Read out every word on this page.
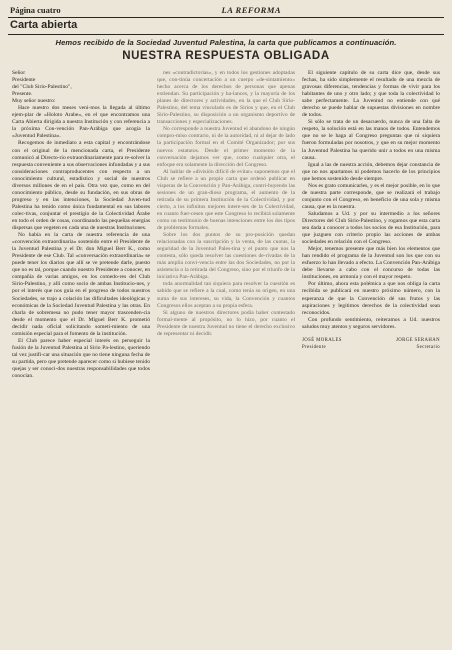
Página cuatro	LA REFORMA
Carta abierta
Hemos recibido de la Sociedad Juventud Palestina, la carta que publicamos a continuación.
NUESTRA RESPUESTA OBLIGADA

Señor

Presidente

del "Club Sirio-Palestino",

Presente.

Muy señor nuestro:

Hace nuestro dos meses veni-mos la llegada al último ejem-plar de «Holoto Arabe», en el que encontramos una Carta Abierta dirigida a nuestra Institución y con referencia a la próxima Con-vención Pan-Arábiga que acogía la «Juventud Palestina».

Recogemos de inmediato a esta capital y encontrándose con el original de la mencionada carta, el Presidente comunicó al Directo-rio extraordinariamente para re-solver la respuesta conveniente a sus observaciones infundadas y a sus consideraciones contraproducentes con respecto a un conocimiento cultural, estadístico y social de nuestros diversos millones de en el país. Otra vez que, como en del conocimiento público, desde su fundación, en sus obras de progreso y en las intenciones, la Sociedad Juven-tud Palestina ha tenido como única fundamental en sus labores colec-tivas, conjuntar el prestigio de la Colectividad Árabe en todo el orden de cosas, coordinando las pequeñas energías dispersas que vegeten en cada una de nuestras Instituciones.

No había en la carta de nuestra referencia de una «convención extraordinaria» sostenido entre el Presidente de la Juventud Palestina y el Dr. don Miguel Berr K., como Presidente de ese Club. Tal «conversación extraordinaria» se puede tener los diarios que allí se ve pretende darle, puesto que no es tal, porque cuando nuestro Presidente a conocer, en compañía de varias amigos, en los comedo-res del Club Sirio-Palestino, y allí como socio de ambas Institucio-nes, y por el interés que nos guía en el progreso de todos nuestros Sociedades, se trajo a colación las dificultades ideológicas y económicas de la Sociedad Juventud Palestina y las otras. En charla de sobremesa no pudo tener mayor trascenden-cia desde el momento que el Dr. Miguel Berr K. prometió decidir nada oficial solicitando someti-miento de una comisión especial para el fomento de la institución.

El Club parece haber especial interés en perseguir la fusión de la Juventud Palestina al Sirio Pa-lestino, queriendo tal vez justifi-car una situación que no tiene ninguna fecha de su partida, pero que pretende aparecer como si hubiese tenido quejas y ser conoci-dos nuestras responsabilidades que todos conocían.

nes «contradictorias», y en todos los gestiones adoptadas que, con-tinúa concertación a un cuerpo «de-sintamiento» hecho acerca de los derechos de personas que apenas extiendan. Su participación y ba-lances, y la mayoría de los planes de directores y actividades, en la que el Club Sirio-Palestino, del tema vinculado es de Sirios y que, en el Club Sirio-Palestino, su disposición a un organismo deportivo de transacciones y especializaciones.

No corresponde a nuestra Juventud el abandono de ningún compro-miso contrario, ni de la autoridad, ni al dejar de lado la participación formal en el Comité Organizador; por sus nuevos estatutos. Desde el primer momento de la conversación dejamos ver que, como cualquier otra, el enfoque era solamente la dirección del Congreso.

Al hablar de «división difícil de evitar» suponemos que el Club se refiere a un propio carta que ordenó publicar en vísperas de la Convención y Pan-Arábiga, contri-buyendo las sesiones de un gran-dioso programa, el aumento de la retirada de su primera Institución de la Colectividad, y por cierto, a los infinitos mejores intere-ses de la Colectividad, en cuanto fuer-cesen que este Congreso lo recibirá solamente como un testimonio de buenas intenciones entre los dos tipos de problemas formales.

Sobre los dos puntos de su pro-posición quedan relacionadas con la suscripción y la venta, de las cuotas, la seguridad de la Juventud Pales-tina y el punto que nos la contesta, sólo queda resolver las cuestiones de-rivadas de la más amplia convi-vencia entre las dos Sociedades, no por la asistencia o la retirada del Congreso, sino por el triunfo de la iniciativa Pan-Arábiga.

toda anormalidad tan siquiera para resolver la cuestión es sabido que se refiere a la cual, como tenía su origen, en una suma de sus intereses, su vida, la Convención y cuantos Congresos ellos aceptan a su propia esfera.

Si alguno de nuestros directores podía haber contestado formal-mente al propósito, no lo hizo, por cuanto el Presidente de nuestra Juventud no tiene el derecho exclusivo de representar ni decidir.

El siguiente capítulo de su carta dice que, desde sus fechas, ha sido simplemente el resultado de una mezcla de gravosas diferencias, tendencias y formas de vivir para los habitantes de uno y otro lado; y que toda la colectividad lo sabe perfectamente. La Juventud no entiende con qué derecho se puede hablar de supuestas divisiones en nombre de todos.

Si sólo se trata de un desacuerdo, nunca de una falta de respeto, la solución está en las manos de todos. Entendemos que no se le haga al Congreso preguntas que ni siquiera fueron formuladas por nosotros, y que en su mejor momento la Juventud Palestina ha querido unir a todos en una misma causa.

Igual a las de nuestra acción, debemos dejar constancia de que no nos apartamos ni podemos hacerlo de los principios que hemos sostenido desde siempre.

Nos es grato comunicarles, y es el mejor posible, en lo que de nuestra parte corresponde, que se realizará el trabajo conjunto con el Congreso, en beneficio de una sola y misma causa, que es la nuestra.

Saludamos a Ud. y por su intermedio a los señores Directores del Club Sirio-Palestino, y rogamos que esta carta sea dada a conocer a todos los socios de esa Institución, para que juzguen con criterio propio las acciones de ambas sociedades en relación con el Congreso.

Mejor, tenemos presente que más bien los elementos que han rendido el programa de la Juventud son los que con su esfuerzo lo han llevado a efecto. La Convención Pan-Arábiga debe llevarse a cabo con el concurso de todas las instituciones, en armonía y con el mayor respeto.

Por último, ahora esta polémica a que nos obliga la carta recibida se publicará en nuestro próximo número, con la esperanza de que la Convención dé sus frutos y las aspiraciones y legítimos derechos de la colectividad sean reconocidos.

Con profundo sentimiento, reiteramos a Ud. nuestros saludos muy atentos y seguros servidores.

JOSÉ MORALES	JORGE SERAHAN
Presidente	Secretario
